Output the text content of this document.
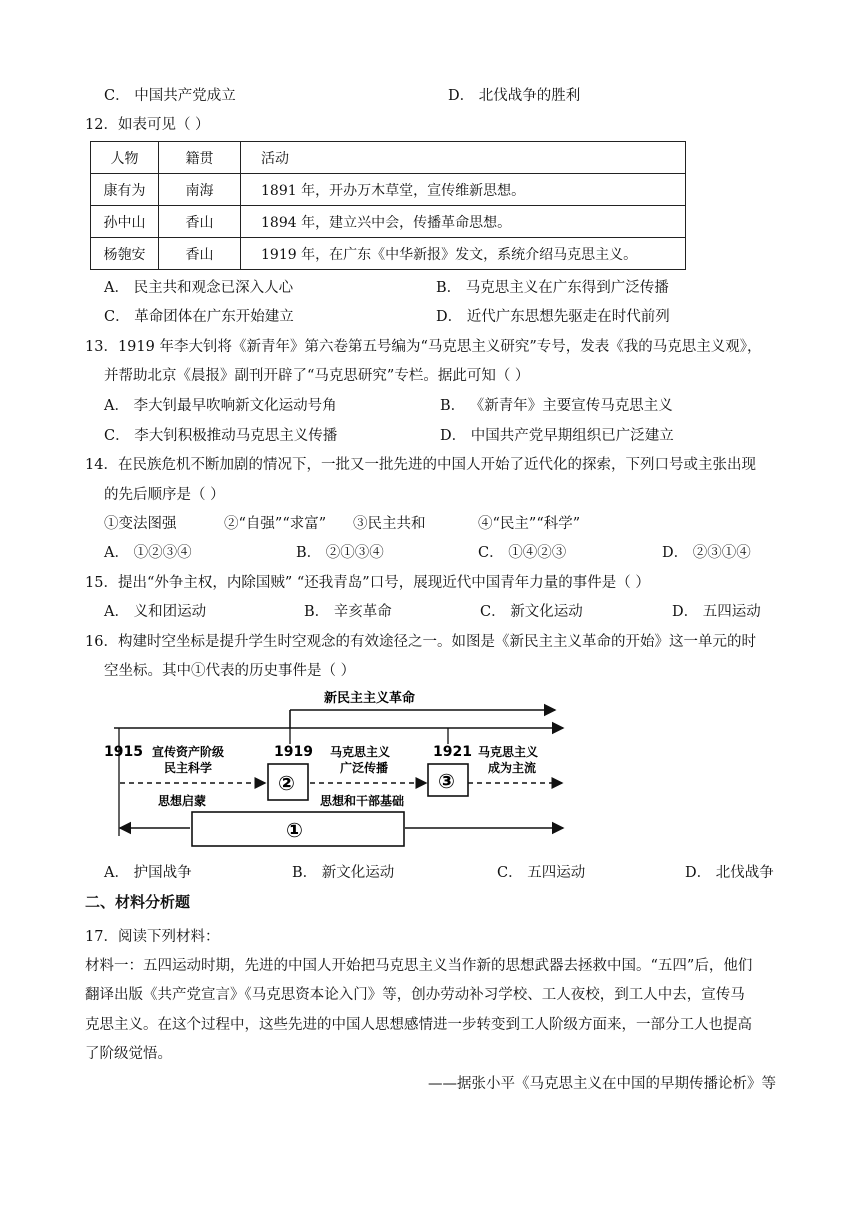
C． 中国共产党成立	D． 北伐战争的胜利
12．如表可见（ ）
人物	籍贯	活动
康有为	南海	1891 年，开办万木草堂，宣传维新思想。
孙中山	香山	1894 年，建立兴中会，传播革命思想。
杨匏安	香山	1919 年，在广东《中华新报》发文，系统介绍马克思主义。
A． 民主共和观念已深入人心	B． 马克思主义在广东得到广泛传播
C． 革命团体在广东开始建立	D． 近代广东思想先驱走在时代前列
13．1919 年李大钊将《新青年》第六卷第五号编为“马克思主义研究”专号，发表《我的马克思主义观》，
并帮助北京《晨报》副刊开辟了“马克思研究”专栏。据此可知（ ）
A． 李大钊最早吹响新文化运动号角	B． 《新青年》主要宣传马克思主义
C． 李大钊积极推动马克思主义传播	D． 中国共产党早期组织已广泛建立
14．在民族危机不断加剧的情况下，一批又一批先进的中国人开始了近代化的探索，下列口号或主张出现
的先后顺序是（ ）
①变法图强	②“自强”“求富” ③民主共和	④“民主”“科学”
A． ①②③④	B． ②①③④	C． ①④②③	D． ②③①④
15．提出“外争主权，内除国贼” “还我青岛”口号，展现近代中国青年力量的事件是（ ）
A． 义和团运动	B． 辛亥革命	C． 新文化运动	D． 五四运动
16．构建时空坐标是提升学生时空观念的有效途径之一。如图是《新民主主义革命的开始》这一单元的时
空坐标。其中①代表的历史事件是（ ）
新民主主义革命
1915	1919	1921
宣传资产阶级
民主科学
马克思主义
广泛传播
马克思主义
成为主流
②	③
思想启蒙	思想和干部基础
①
A． 护国战争	B． 新文化运动	C． 五四运动	D． 北伐战争
二、材料分析题
17．阅读下列材料：
材料一：五四运动时期，先进的中国人开始把马克思主义当作新的思想武器去拯救中国。“五四”后，他们
翻译出版《共产党宣言》《马克思资本论入门》等，创办劳动补习学校、工人夜校，到工人中去，宣传马
克思主义。在这个过程中，这些先进的中国人思想感情进一步转变到工人阶级方面来，一部分工人也提高
了阶级觉悟。
——据张小平《马克思主义在中国的早期传播论析》等
